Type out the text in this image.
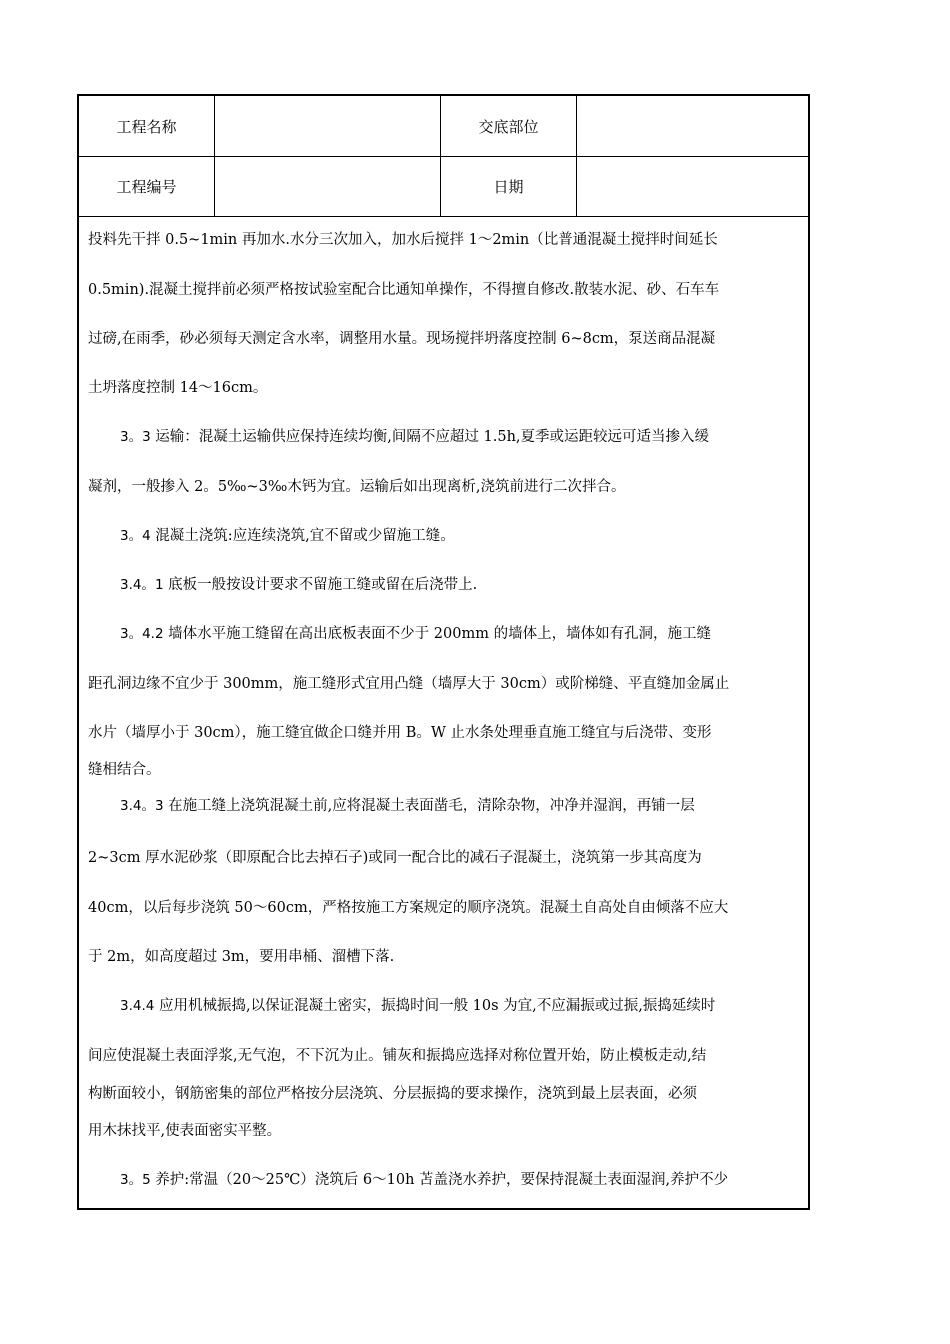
工程名称	交底部位
工程编号	日期
投料先干拌 0.5~1min 再加水.水分三次加入，加水后搅拌 1～2min（比普通混凝土搅拌时间延长
0.5min).混凝土搅拌前必须严格按试验室配合比通知单操作，不得擅自修改.散装水泥、砂、石车车
过磅,在雨季，砂必须每天测定含水率，调整用水量。现场搅拌坍落度控制 6~8cm，泵送商品混凝
土坍落度控制 14～16cm。
3。3 运输：混凝土运输供应保持连续均衡,间隔不应超过 1.5h,夏季或运距较远可适当掺入缓
凝剂，一般掺入 2。5‰~3‰木钙为宜。运输后如出现离析,浇筑前进行二次拌合。
3。4 混凝土浇筑:应连续浇筑,宜不留或少留施工缝。
3.4。1 底板一般按设计要求不留施工缝或留在后浇带上.
3。4.2 墙体水平施工缝留在高出底板表面不少于 200mm 的墙体上，墙体如有孔洞，施工缝
距孔洞边缘不宜少于 300mm，施工缝形式宜用凸缝（墙厚大于 30cm）或阶梯缝、平直缝加金属止
水片（墙厚小于 30cm），施工缝宜做企口缝并用 B。W 止水条处理垂直施工缝宜与后浇带、变形
缝相结合。
3.4。3 在施工缝上浇筑混凝土前,应将混凝土表面凿毛，清除杂物，冲净并湿润，再铺一层
2~3cm 厚水泥砂浆（即原配合比去掉石子)或同一配合比的减石子混凝土，浇筑第一步其高度为
40cm，以后每步浇筑 50～60cm，严格按施工方案规定的顺序浇筑。混凝土自高处自由倾落不应大
于 2m，如高度超过 3m，要用串桶、溜槽下落.
3.4.4 应用机械振捣,以保证混凝土密实，振捣时间一般 10s 为宜,不应漏振或过振,振捣延续时
间应使混凝土表面浮浆,无气泡，不下沉为止。铺灰和振捣应选择对称位置开始，防止模板走动,结
构断面较小，钢筋密集的部位严格按分层浇筑、分层振捣的要求操作，浇筑到最上层表面，必须
用木抹找平,使表面密实平整。
3。5 养护:常温（20～25℃）浇筑后 6～10h 苫盖浇水养护，要保持混凝土表面湿润,养护不少
